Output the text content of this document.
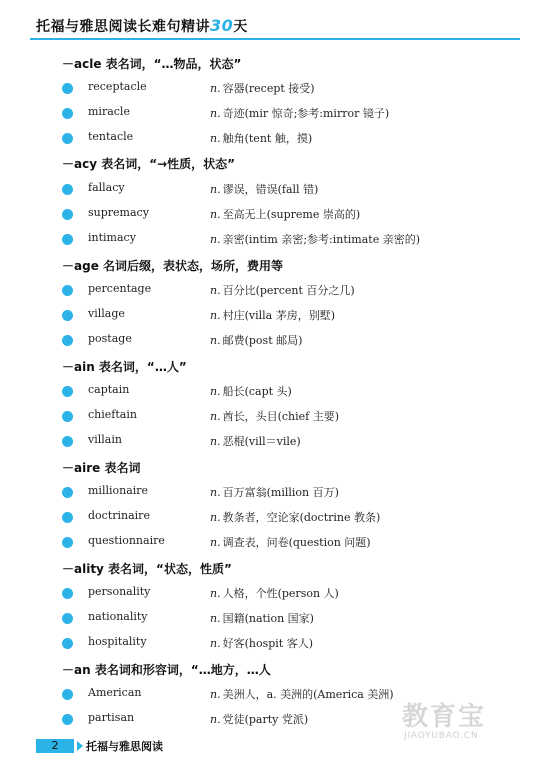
托福与雅思阅读长难句精讲30天
－acle 表名词，“…物品，状态”
receptacle	n. 容器(recept 接受)
miracle	n. 奇迹(mir 惊奇;参考:mirror 镜子)
tentacle	n. 触角(tent 触，摸)
－acy 表名词，“→性质，状态”
fallacy	n. 谬误，错误(fall 错)
supremacy	n. 至高无上(supreme 崇高的)
intimacy	n. 亲密(intim 亲密;参考:intimate 亲密的)
－age 名词后缀，表状态，场所，费用等
percentage	n. 百分比(percent 百分之几)
village	n. 村庄(villa 茅房，别墅)
postage	n. 邮费(post 邮局)
－ain 表名词，“…人”
captain	n. 船长(capt 头)
chieftain	n. 酋长，头目(chief 主要)
villain	n. 恶棍(vill＝vile)
－aire 表名词
millionaire	n. 百万富翁(million 百万)
doctrinaire	n. 教条者，空论家(doctrine 教条)
questionnaire	n. 调查表，问卷(question 问题)
－ality 表名词，“状态，性质”
personality	n. 人格，个性(person 人)
nationality	n. 国籍(nation 国家)
hospitality	n. 好客(hospit 客人)
－an 表名词和形容词，“…地方，…人
American	n. 美洲人，a. 美洲的(America 美洲)
partisan	n. 党徒(party 党派)
2	托福与雅思阅读
教育宝
JIAOYUBAO.CN
